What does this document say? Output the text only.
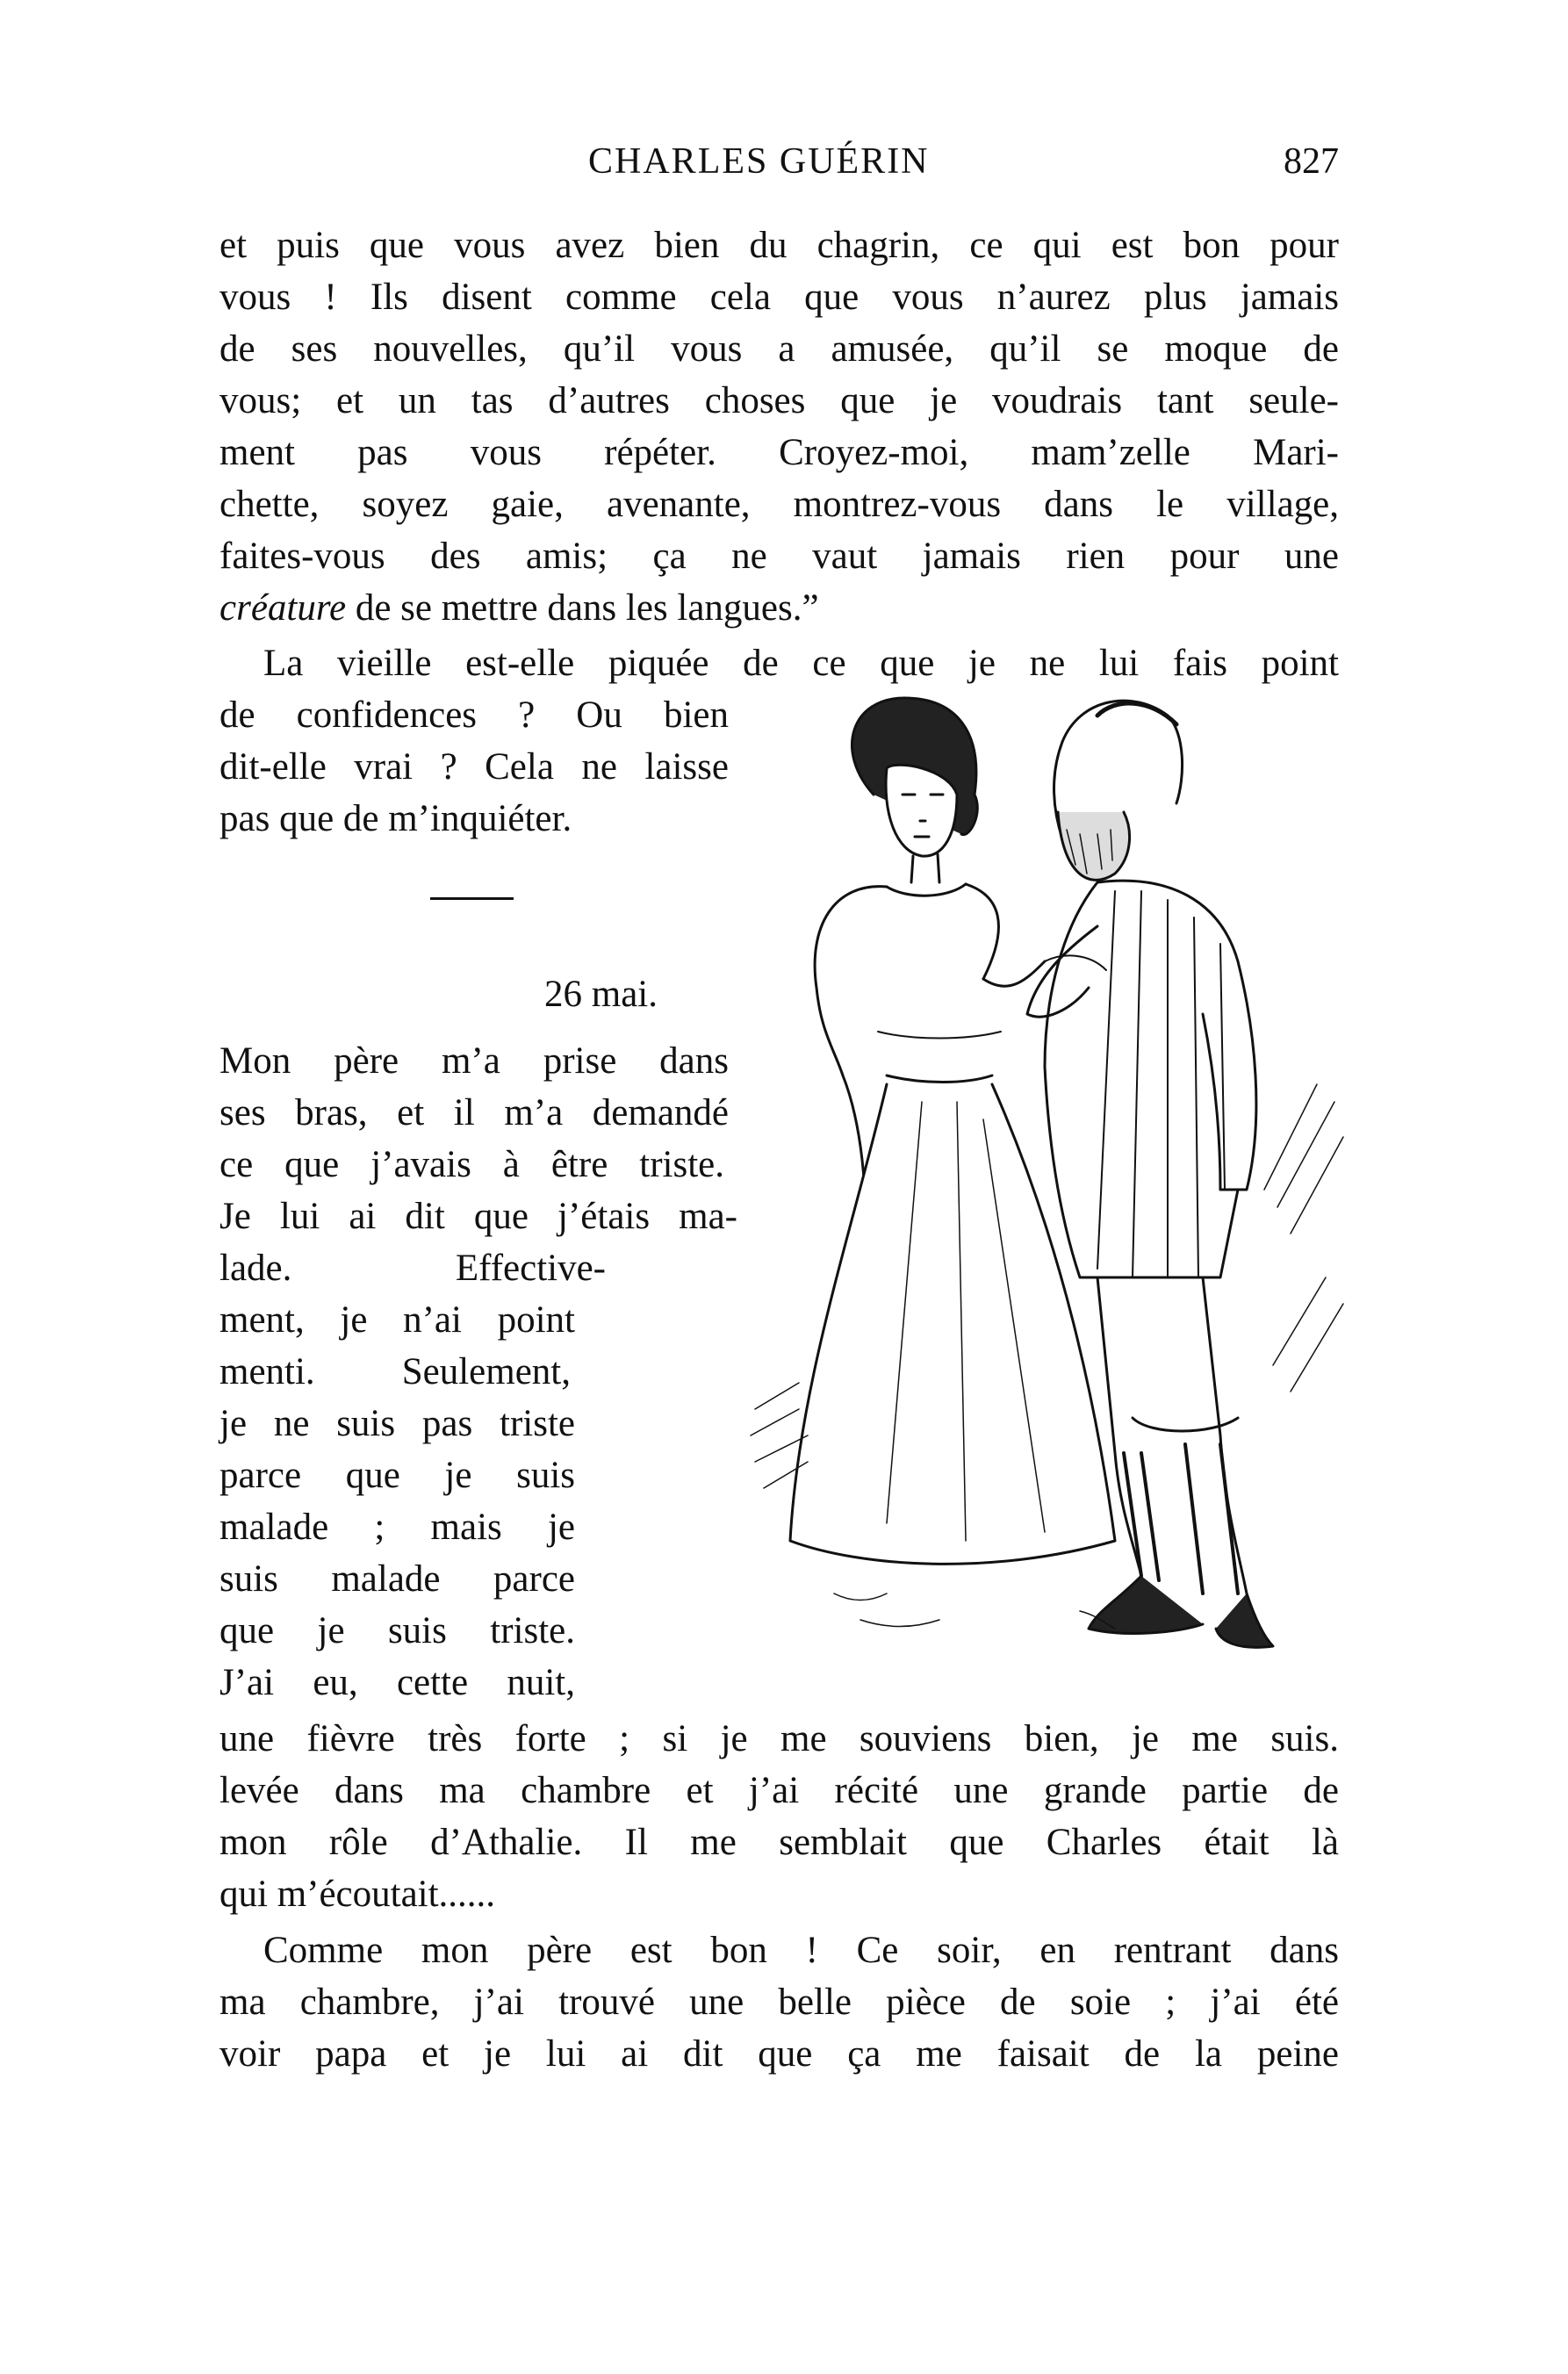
CHARLES GUÉRIN	827
et puis que vous avez bien du chagrin, ce qui est bon pour
vous ! Ils disent comme cela que vous n’aurez plus jamais
de ses nouvelles, qu’il vous a amusée, qu’il se moque de
vous; et un tas d’autres choses que je voudrais tant seule-
ment pas vous répéter. Croyez-moi, mam’zelle Mari-
chette, soyez gaie, avenante, montrez-vous dans le village,
faites-vous des amis; ça ne vaut jamais rien pour une
créature de se mettre dans les langues.”
La vieille est-elle piquée de ce que je ne lui fais point
de confidences ? Ou bien
dit-elle vrai ? Cela ne laisse
pas que de m’inquiéter.
26 mai.
Mon père m’a prise dans
ses bras, et il m’a demandé
ce que j’avais à être triste.
Je lui ai dit que j’étais ma-
lade. Effective-
ment, je n’ai point
menti. Seulement,
je ne suis pas triste
parce que je suis
malade ; mais je
suis malade parce
que je suis triste.
J’ai eu, cette nuit,
une fièvre très forte ; si je me souviens bien, je me suis.
levée dans ma chambre et j’ai récité une grande partie de
mon rôle d’Athalie. Il me semblait que Charles était là
qui m’écoutait......
Comme mon père est bon ! Ce soir, en rentrant dans
ma chambre, j’ai trouvé une belle pièce de soie ; j’ai été
voir papa et je lui ai dit que ça me faisait de la peine
